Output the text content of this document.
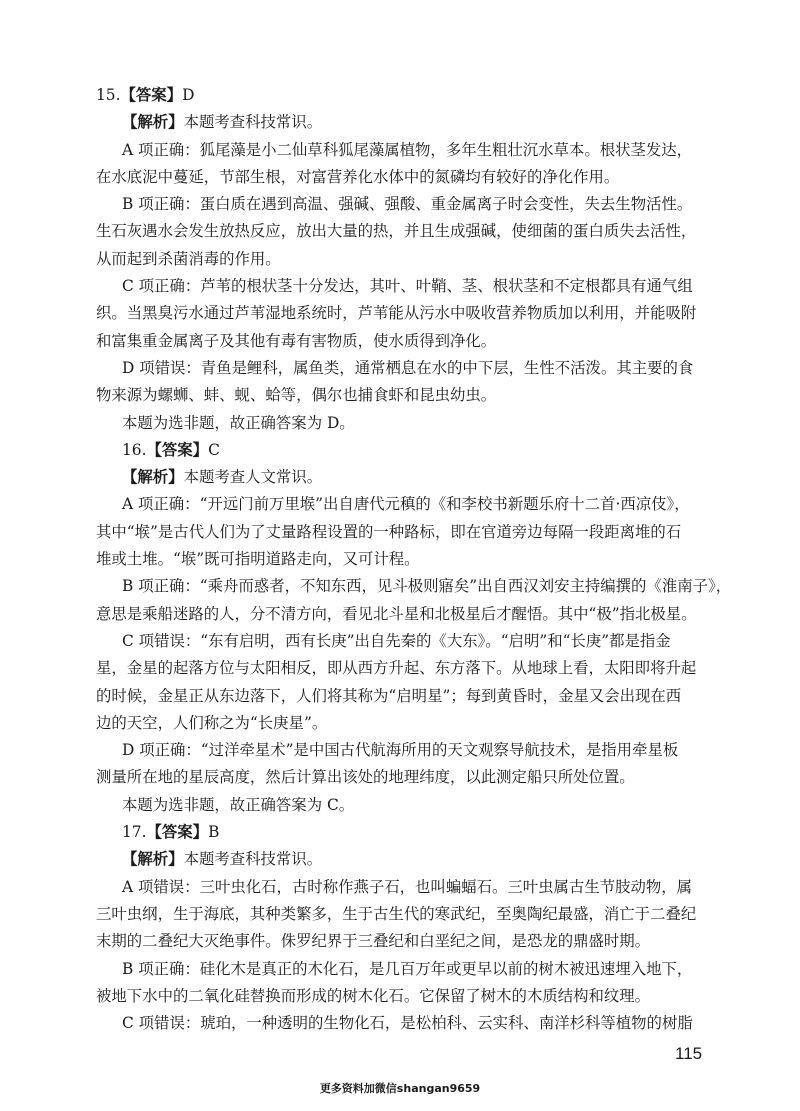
15.【答案】D
【解析】本题考查科技常识。
A 项正确：狐尾藻是小二仙草科狐尾藻属植物，多年生粗壮沉水草本。根状茎发达，
在水底泥中蔓延，节部生根，对富营养化水体中的氮磷均有较好的净化作用。
B 项正确：蛋白质在遇到高温、强碱、强酸、重金属离子时会变性，失去生物活性。
生石灰遇水会发生放热反应，放出大量的热，并且生成强碱，使细菌的蛋白质失去活性，
从而起到杀菌消毒的作用。
C 项正确：芦苇的根状茎十分发达，其叶、叶鞘、茎、根状茎和不定根都具有通气组
织。当黑臭污水通过芦苇湿地系统时，芦苇能从污水中吸收营养物质加以利用，并能吸附
和富集重金属离子及其他有毒有害物质，使水质得到净化。
D 项错误：青鱼是鲤科，属鱼类，通常栖息在水的中下层，生性不活泼。其主要的食
物来源为螺蛳、蚌、蚬、蛤等，偶尔也捕食虾和昆虫幼虫。
本题为选非题，故正确答案为 D。
16.【答案】C
【解析】本题考查人文常识。
A 项正确：“开远门前万里堠”出自唐代元稹的《和李校书新题乐府十二首·西凉伎》，
其中“堠”是古代人们为了丈量路程设置的一种路标，即在官道旁边每隔一段距离堆的石
堆或土堆。“堠”既可指明道路走向，又可计程。
B 项正确：“乘舟而惑者，不知东西，见斗极则寤矣”出自西汉刘安主持编撰的《淮南子》，
意思是乘船迷路的人，分不清方向，看见北斗星和北极星后才醒悟。其中“极”指北极星。
C 项错误：“东有启明，西有长庚”出自先秦的《大东》。“启明”和“长庚”都是指金
星，金星的起落方位与太阳相反，即从西方升起、东方落下。从地球上看，太阳即将升起
的时候，金星正从东边落下，人们将其称为“启明星”；每到黄昏时，金星又会出现在西
边的天空，人们称之为“长庚星”。
D 项正确：“过洋牵星术”是中国古代航海所用的天文观察导航技术，是指用牵星板
测量所在地的星辰高度，然后计算出该处的地理纬度，以此测定船只所处位置。
本题为选非题，故正确答案为 C。
17.【答案】B
【解析】本题考查科技常识。
A 项错误：三叶虫化石，古时称作燕子石，也叫蝙蝠石。三叶虫属古生节肢动物，属
三叶虫纲，生于海底，其种类繁多，生于古生代的寒武纪，至奥陶纪最盛，消亡于二叠纪
末期的二叠纪大灭绝事件。侏罗纪界于三叠纪和白垩纪之间，是恐龙的鼎盛时期。
B 项正确：硅化木是真正的木化石，是几百万年或更早以前的树木被迅速埋入地下，
被地下水中的二氧化硅替换而形成的树木化石。它保留了树木的木质结构和纹理。
C 项错误：琥珀，一种透明的生物化石，是松柏科、云实科、南洋杉科等植物的树脂
115
更多资料加微信shangan9659
